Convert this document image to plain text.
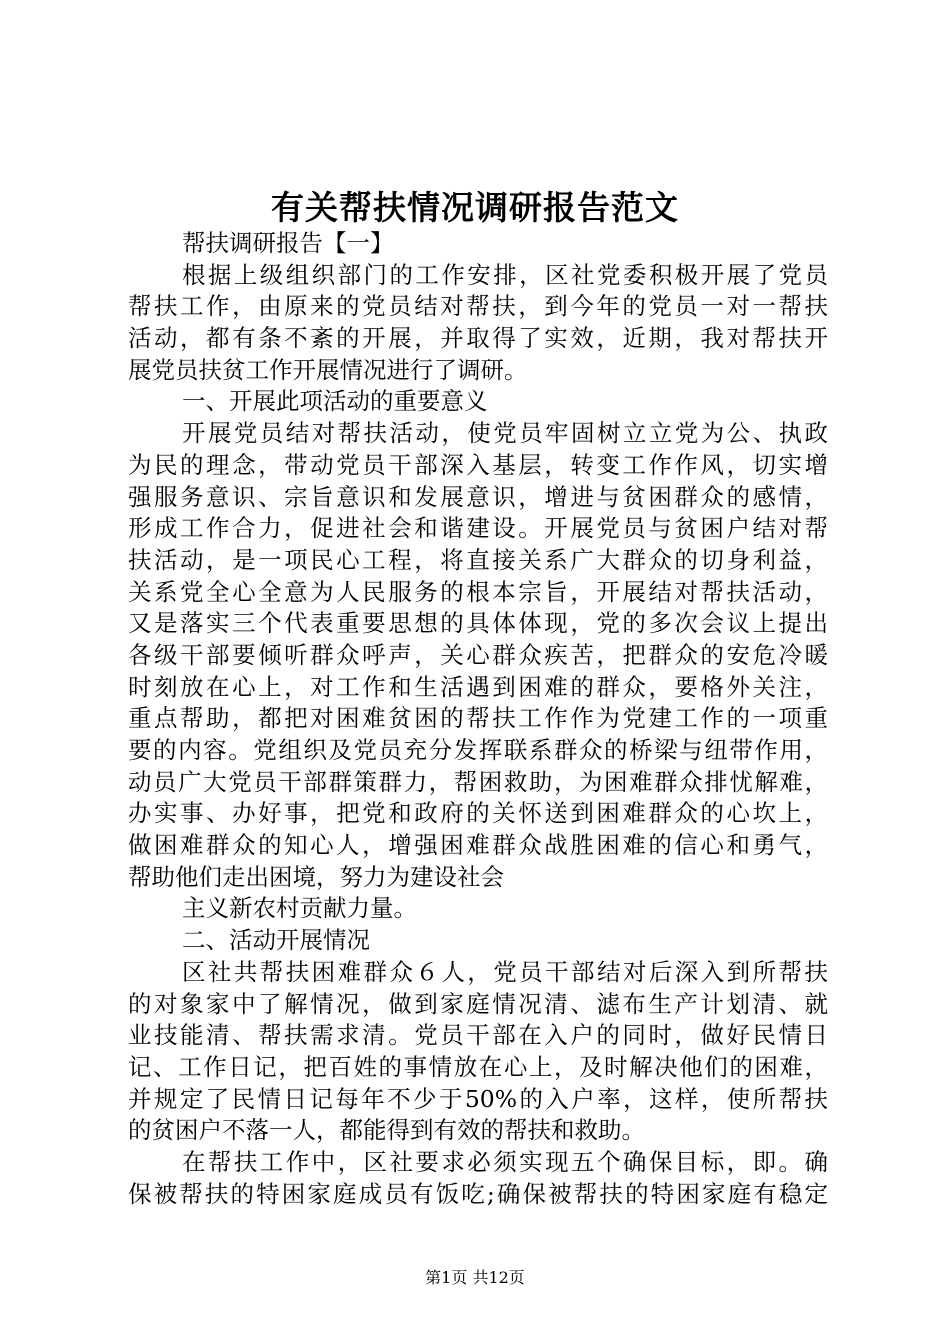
有关帮扶情况调研报告范文
帮扶调研报告【一】
根据上级组织部门的工作安排，区社党委积极开展了党员
帮扶工作，由原来的党员结对帮扶，到今年的党员一对一帮扶
活动，都有条不紊的开展，并取得了实效，近期，我对帮扶开
展党员扶贫工作开展情况进行了调研。
一、开展此项活动的重要意义
开展党员结对帮扶活动，使党员牢固树立立党为公、执政
为民的理念，带动党员干部深入基层，转变工作作风，切实增
强服务意识、宗旨意识和发展意识，增进与贫困群众的感情，
形成工作合力，促进社会和谐建设。开展党员与贫困户结对帮
扶活动，是一项民心工程，将直接关系广大群众的切身利益，
关系党全心全意为人民服务的根本宗旨，开展结对帮扶活动，
又是落实三个代表重要思想的具体体现，党的多次会议上提出
各级干部要倾听群众呼声，关心群众疾苦，把群众的安危冷暖
时刻放在心上，对工作和生活遇到困难的群众，要格外关注，
重点帮助，都把对困难贫困的帮扶工作作为党建工作的一项重
要的内容。党组织及党员充分发挥联系群众的桥梁与纽带作用，
动员广大党员干部群策群力，帮困救助，为困难群众排忧解难，
办实事、办好事，把党和政府的关怀送到困难群众的心坎上，
做困难群众的知心人，增强困难群众战胜困难的信心和勇气，
帮助他们走出困境，努力为建设社会
主义新农村贡献力量。
二、活动开展情况
区社共帮扶困难群众６人，党员干部结对后深入到所帮扶
的对象家中了解情况，做到家庭情况清、滤布生产计划清、就
业技能清、帮扶需求清。党员干部在入户的同时，做好民情日
记、工作日记，把百姓的事情放在心上，及时解决他们的困难，
并规定了民情日记每年不少于50%的入户率，这样，使所帮扶
的贫困户不落一人，都能得到有效的帮扶和救助。
在帮扶工作中，区社要求必须实现五个确保目标，即。确
保被帮扶的特困家庭成员有饭吃;确保被帮扶的特困家庭有稳定
第1页 共12页
